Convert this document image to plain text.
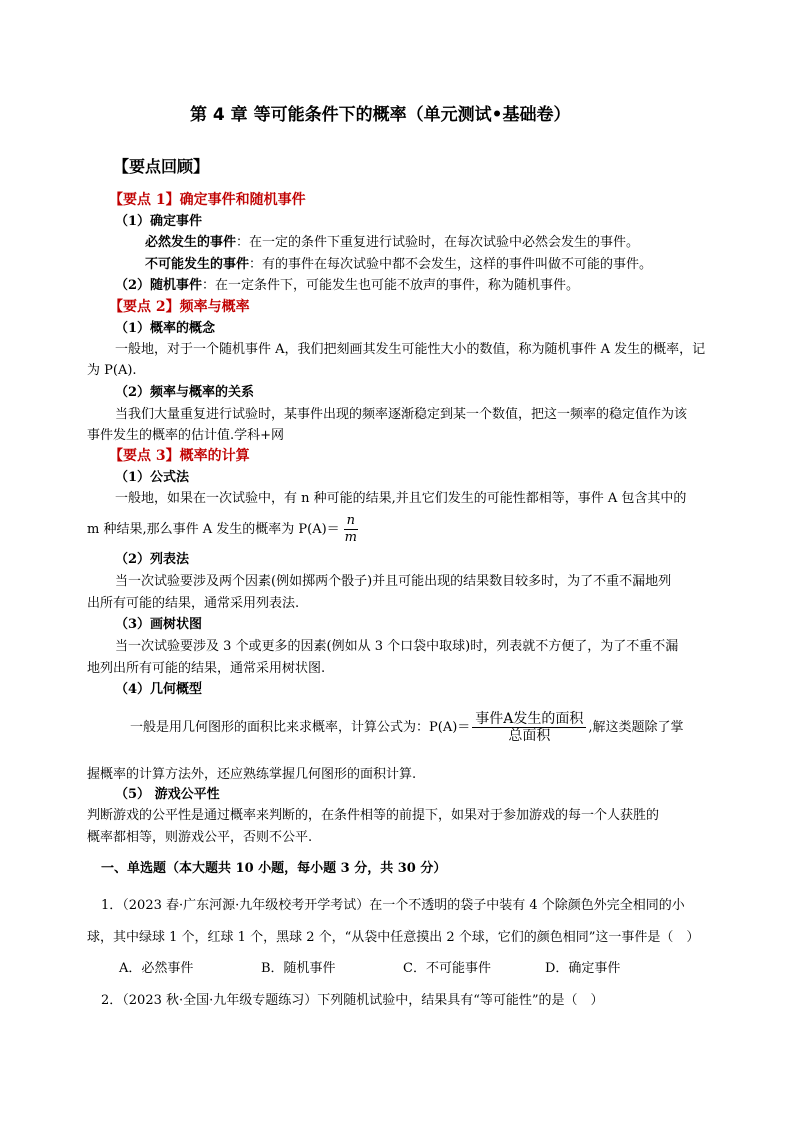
第 4 章 等可能条件下的概率（单元测试•基础卷）
【要点回顾】
【要点 1】确定事件和随机事件
（1）确定事件
必然发生的事件：在一定的条件下重复进行试验时，在每次试验中必然会发生的事件。
不可能发生的事件：有的事件在每次试验中都不会发生，这样的事件叫做不可能的事件。
（2）随机事件：在一定条件下，可能发生也可能不放声的事件，称为随机事件。
【要点 2】频率与概率
（1）概率的概念
一般地，对于一个随机事件 A，我们把刻画其发生可能性大小的数值，称为随机事件 A 发生的概率，记
为 P(A).
（2）频率与概率的关系
当我们大量重复进行试验时，某事件出现的频率逐渐稳定到某一个数值，把这一频率的稳定值作为该
事件发生的概率的估计值.学科+网
【要点 3】概率的计算
（1）公式法
一般地，如果在一次试验中，有 n 种可能的结果,并且它们发生的可能性都相等，事件 A 包含其中的
m 种结果,那么事件 A 发生的概率为 $P(A)= \frac{n}{m}$
（2）列表法
当一次试验要涉及两个因素(例如掷两个骰子)并且可能出现的结果数目较多时，为了不重不漏地列
出所有可能的结果，通常采用列表法.
（3）画树状图
当一次试验要涉及 3 个或更多的因素(例如从 3 个口袋中取球)时，列表就不方便了，为了不重不漏
地列出所有可能的结果，通常采用树状图.
（4）几何概型
一般是用几何图形的面积比来求概率，计算公式为：$P(A)= \frac{\text{事件A发生的面积}}{\text{总面积}}$ ,解这类题除了掌
握概率的计算方法外，还应熟练掌握几何图形的面积计算.
（5） 游戏公平性
判断游戏的公平性是通过概率来判断的，在条件相等的前提下，如果对于参加游戏的每一个人获胜的
概率都相等，则游戏公平，否则不公平.
一、单选题（本大题共 10 小题，每小题 3 分，共 30 分）
1．（2023 春·广东河源·九年级校考开学考试）在一个不透明的袋子中装有 4 个除颜色外完全相同的小
球，其中绿球 1 个，红球 1 个，黑球 2 个，“从袋中任意摸出 2 个球，它们的颜色相同”这一事件是（　）
A．必然事件	B．随机事件	C．不可能事件	D．确定事件
2．（2023 秋·全国·九年级专题练习）下列随机试验中，结果具有“等可能性”的是（　）
